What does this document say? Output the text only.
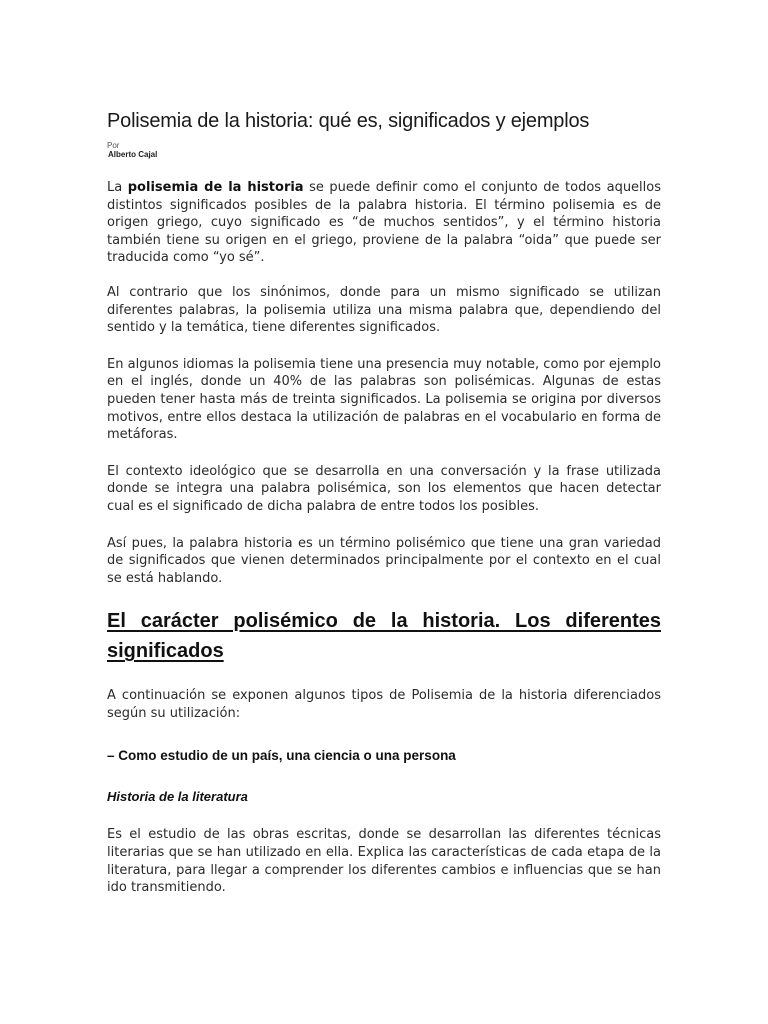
Polisemia de la historia: qué es, significados y ejemplos
Por
Alberto Cajal

La polisemia de la historia se puede definir como el conjunto de todos aquellos distintos significados posibles de la palabra historia. El término polisemia es de origen griego, cuyo significado es “de muchos sentidos”, y el término historia también tiene su origen en el griego, proviene de la palabra “oida” que puede ser traducida como “yo sé”.

Al contrario que los sinónimos, donde para un mismo significado se utilizan diferentes palabras, la polisemia utiliza una misma palabra que, dependiendo del sentido y la temática, tiene diferentes significados.

En algunos idiomas la polisemia tiene una presencia muy notable, como por ejemplo en el inglés, donde un 40% de las palabras son polisémicas. Algunas de estas pueden tener hasta más de treinta significados. La polisemia se origina por diversos motivos, entre ellos destaca la utilización de palabras en el vocabulario en forma de metáforas.

El contexto ideológico que se desarrolla en una conversación y la frase utilizada donde se integra una palabra polisémica, son los elementos que hacen detectar cual es el significado de dicha palabra de entre todos los posibles.

Así pues, la palabra historia es un término polisémico que tiene una gran variedad de significados que vienen determinados principalmente por el contexto en el cual se está hablando.

El carácter polisémico de la historia. Los diferentes significados

A continuación se exponen algunos tipos de Polisemia de la historia diferenciados según su utilización:

– Como estudio de un país, una ciencia o una persona
Historia de la literatura

Es el estudio de las obras escritas, donde se desarrollan las diferentes técnicas literarias que se han utilizado en ella. Explica las características de cada etapa de la literatura, para llegar a comprender los diferentes cambios e influencias que se han ido transmitiendo.
